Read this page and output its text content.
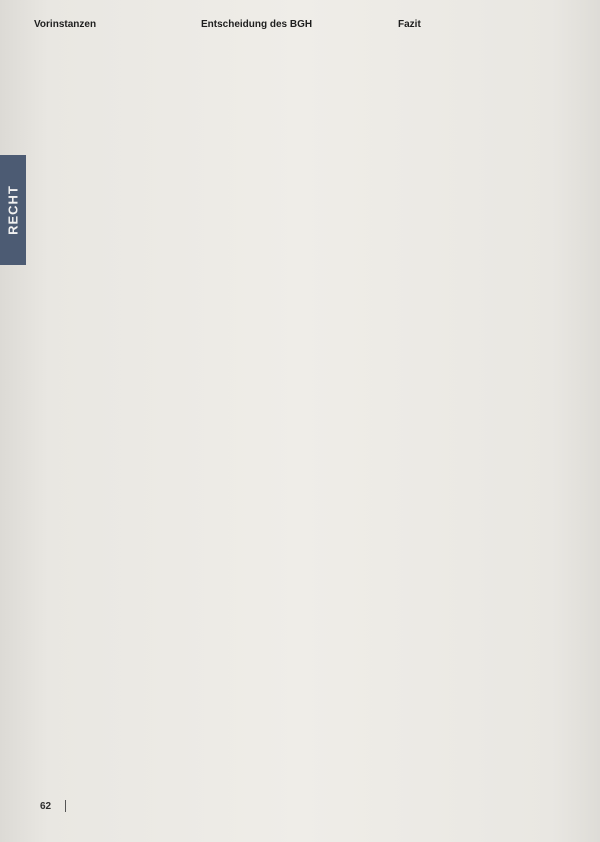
RECHT

Vorinstanzen	Entscheidung des BGH	Fazit

62
